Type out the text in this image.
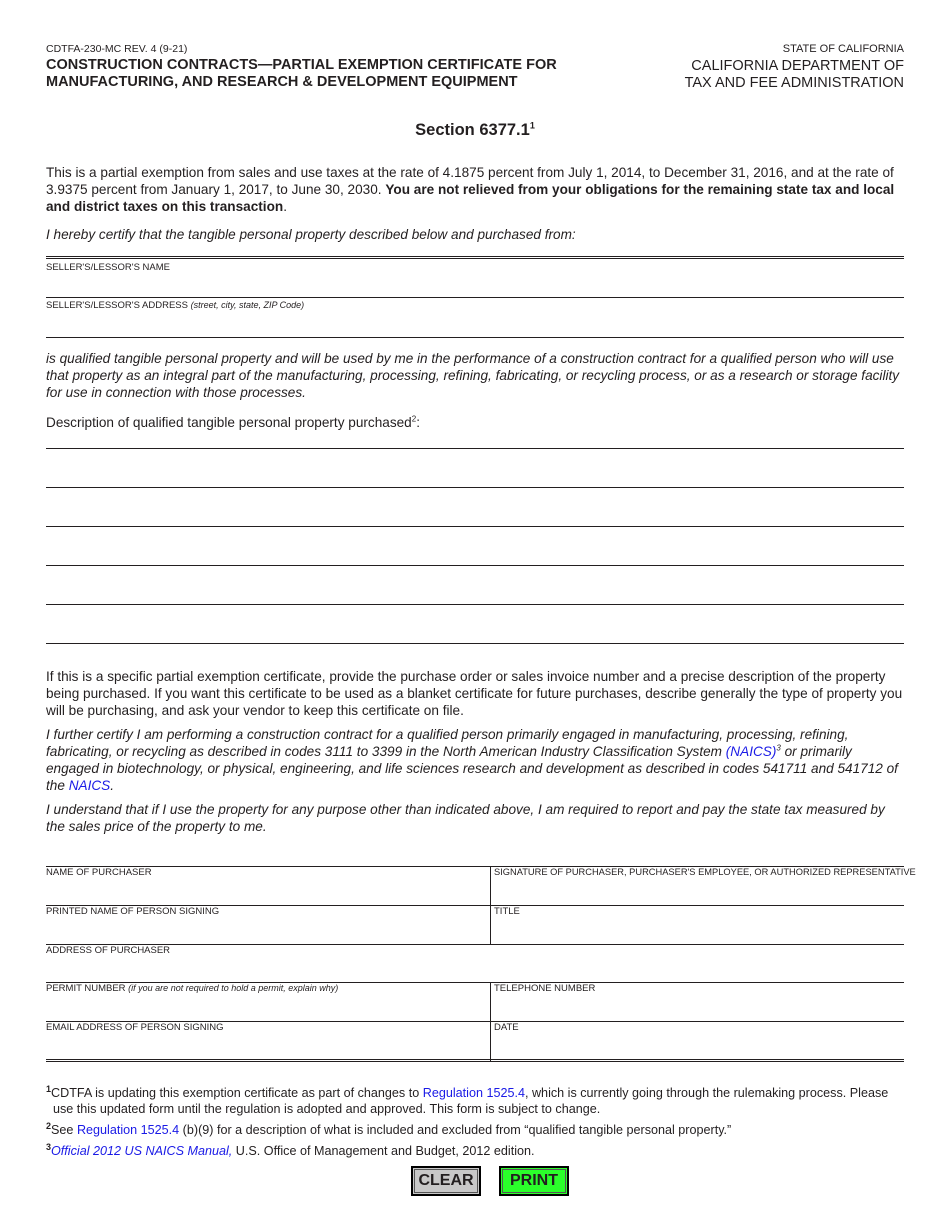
CDTFA-230-MC REV. 4 (9-21)
CONSTRUCTION CONTRACTS—PARTIAL EXEMPTION CERTIFICATE FOR
MANUFACTURING, AND RESEARCH & DEVELOPMENT EQUIPMENT
STATE OF CALIFORNIA
CALIFORNIA DEPARTMENT OF
TAX AND FEE ADMINISTRATION
Section 6377.1$^1$
This is a partial exemption from sales and use taxes at the rate of 4.1875 percent from July 1, 2014, to December 31, 2016, and at the rate of 3.9375 percent from January 1, 2017, to June 30, 2030. You are not relieved from your obligations for the remaining state tax and local and district taxes on this transaction.
I hereby certify that the tangible personal property described below and purchased from:
SELLER'S/LESSOR'S NAME
SELLER'S/LESSOR'S ADDRESS (street, city, state, ZIP Code)
is qualified tangible personal property and will be used by me in the performance of a construction contract for a qualified person who will use that property as an integral part of the manufacturing, processing, refining, fabricating, or recycling process, or as a research or storage facility for use in connection with those processes.
Description of qualified tangible personal property purchased$^2$:
If this is a specific partial exemption certificate, provide the purchase order or sales invoice number and a precise description of the property being purchased. If you want this certificate to be used as a blanket certificate for future purchases, describe generally the type of property you will be purchasing, and ask your vendor to keep this certificate on file.
I further certify I am performing a construction contract for a qualified person primarily engaged in manufacturing, processing, refining, fabricating, or recycling as described in codes 3111 to 3399 in the North American Industry Classification System (NAICS)$^3$ or primarily engaged in biotechnology, or physical, engineering, and life sciences research and development as described in codes 541711 and 541712 of the NAICS.
I understand that if I use the property for any purpose other than indicated above, I am required to report and pay the state tax measured by the sales price of the property to me.
NAME OF PURCHASER	SIGNATURE OF PURCHASER, PURCHASER'S EMPLOYEE, OR AUTHORIZED REPRESENTATIVE
PRINTED NAME OF PERSON SIGNING	TITLE
ADDRESS OF PURCHASER
PERMIT NUMBER (if you are not required to hold a permit, explain why)	TELEPHONE NUMBER
EMAIL ADDRESS OF PERSON SIGNING	DATE
$^1$CDTFA is updating this exemption certificate as part of changes to Regulation 1525.4, which is currently going through the rulemaking process. Please use this updated form until the regulation is adopted and approved. This form is subject to change.
$^2$See Regulation 1525.4 (b)(9) for a description of what is included and excluded from “qualified tangible personal property.”
$^3$Official 2012 US NAICS Manual, U.S. Office of Management and Budget, 2012 edition.
CLEAR	PRINT
